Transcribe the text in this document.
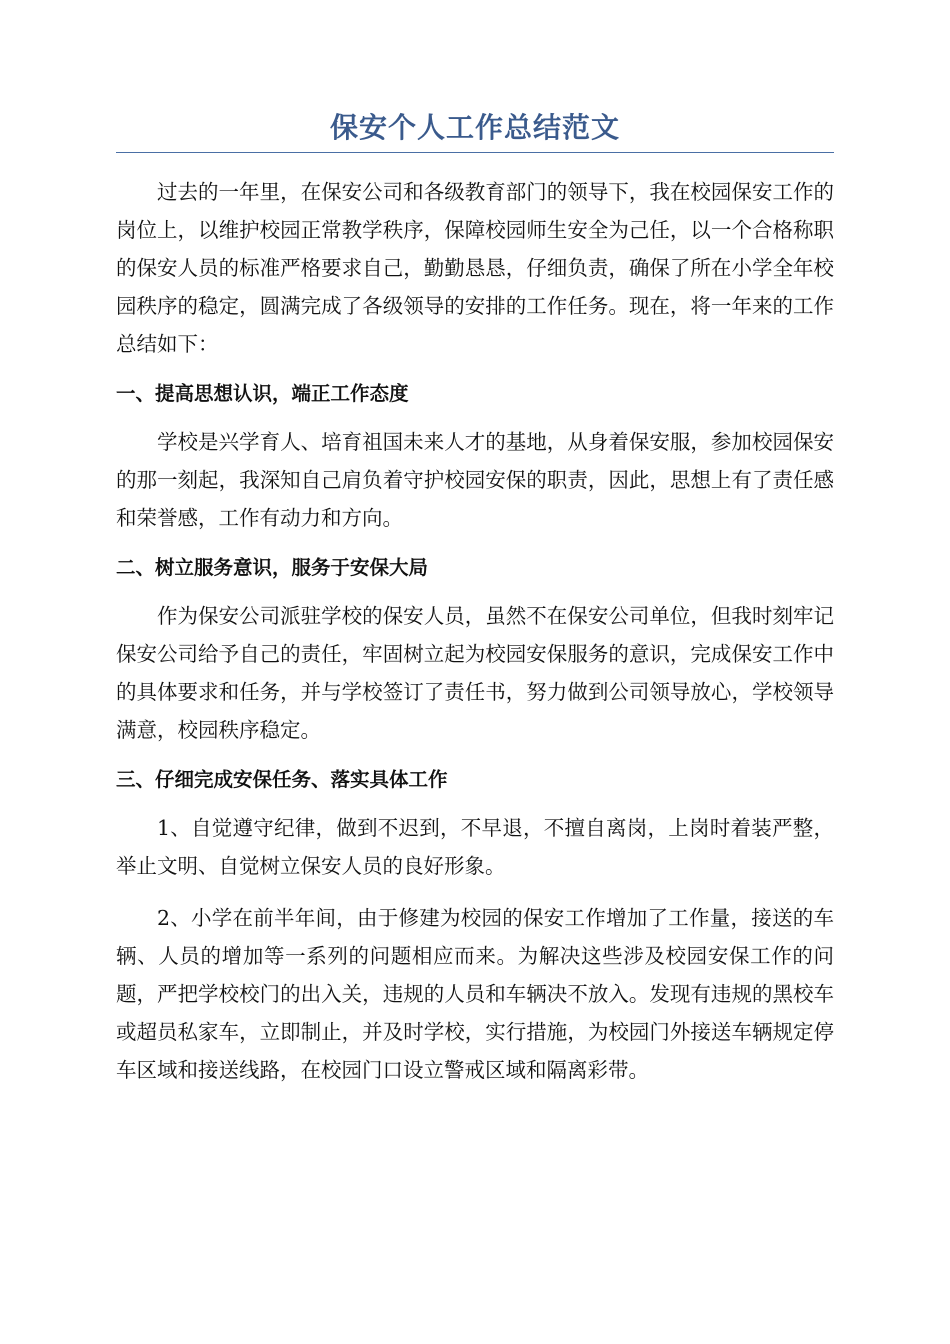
保安个人工作总结范文

过去的一年里，在保安公司和各级教育部门的领导下，我在校园保安工作的岗位上，以维护校园正常教学秩序，保障校园师生安全为己任，以一个合格称职的保安人员的标准严格要求自己，勤勤恳恳，仔细负责，确保了所在小学全年校园秩序的稳定，圆满完成了各级领导的安排的工作任务。现在，将一年来的工作总结如下：

一、提高思想认识，端正工作态度

学校是兴学育人、培育祖国未来人才的基地，从身着保安服，参加校园保安的那一刻起，我深知自己肩负着守护校园安保的职责，因此，思想上有了责任感和荣誉感，工作有动力和方向。

二、树立服务意识，服务于安保大局

作为保安公司派驻学校的保安人员，虽然不在保安公司单位，但我时刻牢记保安公司给予自己的责任，牢固树立起为校园安保服务的意识，完成保安工作中的具体要求和任务，并与学校签订了责任书，努力做到公司领导放心，学校领导满意，校园秩序稳定。

三、仔细完成安保任务、落实具体工作

1、自觉遵守纪律，做到不迟到，不早退，不擅自离岗，上岗时着装严整，举止文明、自觉树立保安人员的良好形象。

2、小学在前半年间，由于修建为校园的保安工作增加了工作量，接送的车辆、人员的增加等一系列的问题相应而来。为解决这些涉及校园安保工作的问题，严把学校校门的出入关，违规的人员和车辆决不放入。发现有违规的黑校车或超员私家车，立即制止，并及时学校，实行措施，为校园门外接送车辆规定停车区域和接送线路，在校园门口设立警戒区域和隔离彩带。
